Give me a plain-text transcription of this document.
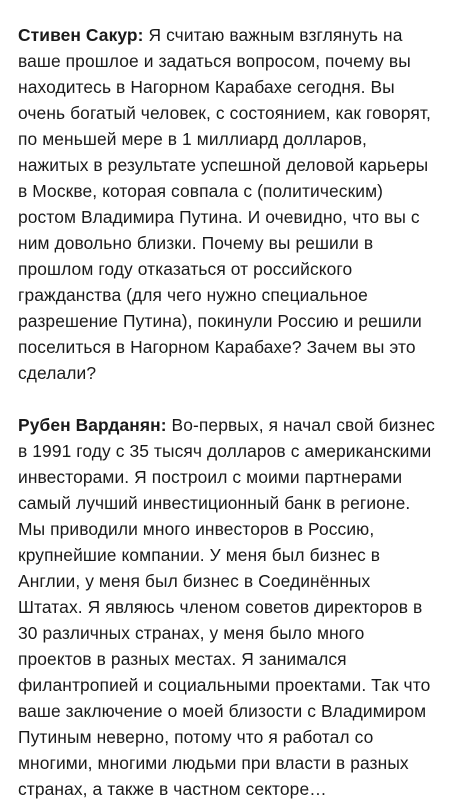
Стивен Сакур: Я считаю важным взглянуть на ваше прошлое и задаться вопросом, почему вы находитесь в Нагорном Карабахе сегодня. Вы очень богатый человек, с состоянием, как говорят, по меньшей мере в 1 миллиард долларов, нажитых в результате успешной деловой карьеры в Москве, которая совпала с (политическим) ростом Владимира Путина. И очевидно, что вы с ним довольно близки. Почему вы решили в прошлом году отказаться от российского гражданства (для чего нужно специальное разрешение Путина), покинули Россию и решили поселиться в Нагорном Карабахе? Зачем вы это сделали?

Рубен Варданян: Во-первых, я начал свой бизнес в 1991 году с 35 тысяч долларов с американскими инвесторами. Я построил с моими партнерами самый лучший инвестиционный банк в регионе. Мы приводили много инвесторов в Россию, крупнейшие компании. У меня был бизнес в Англии, у меня был бизнес в Соединённых Штатах. Я являюсь членом советов директоров в 30 различных странах, у меня было много проектов в разных местах. Я занимался филантропией и социальными проектами. Так что ваше заключение о моей близости с Владимиром Путиным неверно, потому что я работал со многими, многими людьми при власти в разных странах, а также в частном секторе…
